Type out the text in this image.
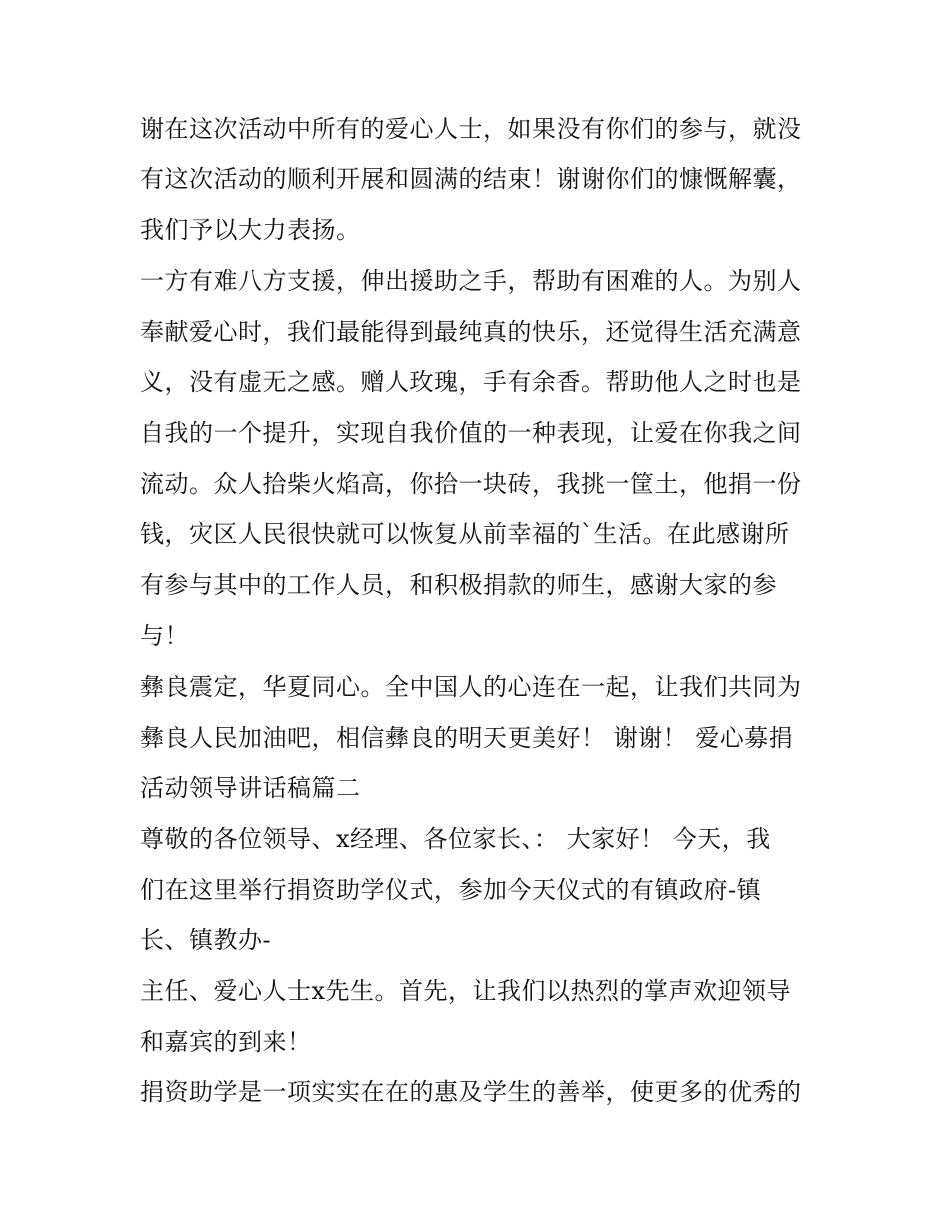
谢在这次活动中所有的爱心人士，如果没有你们的参与，就没
有这次活动的顺利开展和圆满的结束！谢谢你们的慷慨解囊，
我们予以大力表扬。
一方有难八方支援，伸出援助之手，帮助有困难的人。为别人
奉献爱心时，我们最能得到最纯真的快乐，还觉得生活充满意
义，没有虚无之感。赠人玫瑰，手有余香。帮助他人之时也是
自我的一个提升，实现自我价值的一种表现，让爱在你我之间
流动。众人拾柴火焰高，你拾一块砖，我挑一筐土，他捐一份
钱，灾区人民很快就可以恢复从前幸福的`生活。在此感谢所
有参与其中的工作人员，和积极捐款的师生，感谢大家的参
与！
彝良震定，华夏同心。全中国人的心连在一起，让我们共同为
彝良人民加油吧，相信彝良的明天更美好！ 谢谢！ 爱心募捐
活动领导讲话稿篇二
尊敬的各位领导、x经理、各位家长、： 大家好！ 今天，我
们在这里举行捐资助学仪式，参加今天仪式的有镇政府-镇
长、镇教办-
主任、爱心人士x先生。首先，让我们以热烈的掌声欢迎领导
和嘉宾的到来！
捐资助学是一项实实在在的惠及学生的善举，使更多的优秀的
